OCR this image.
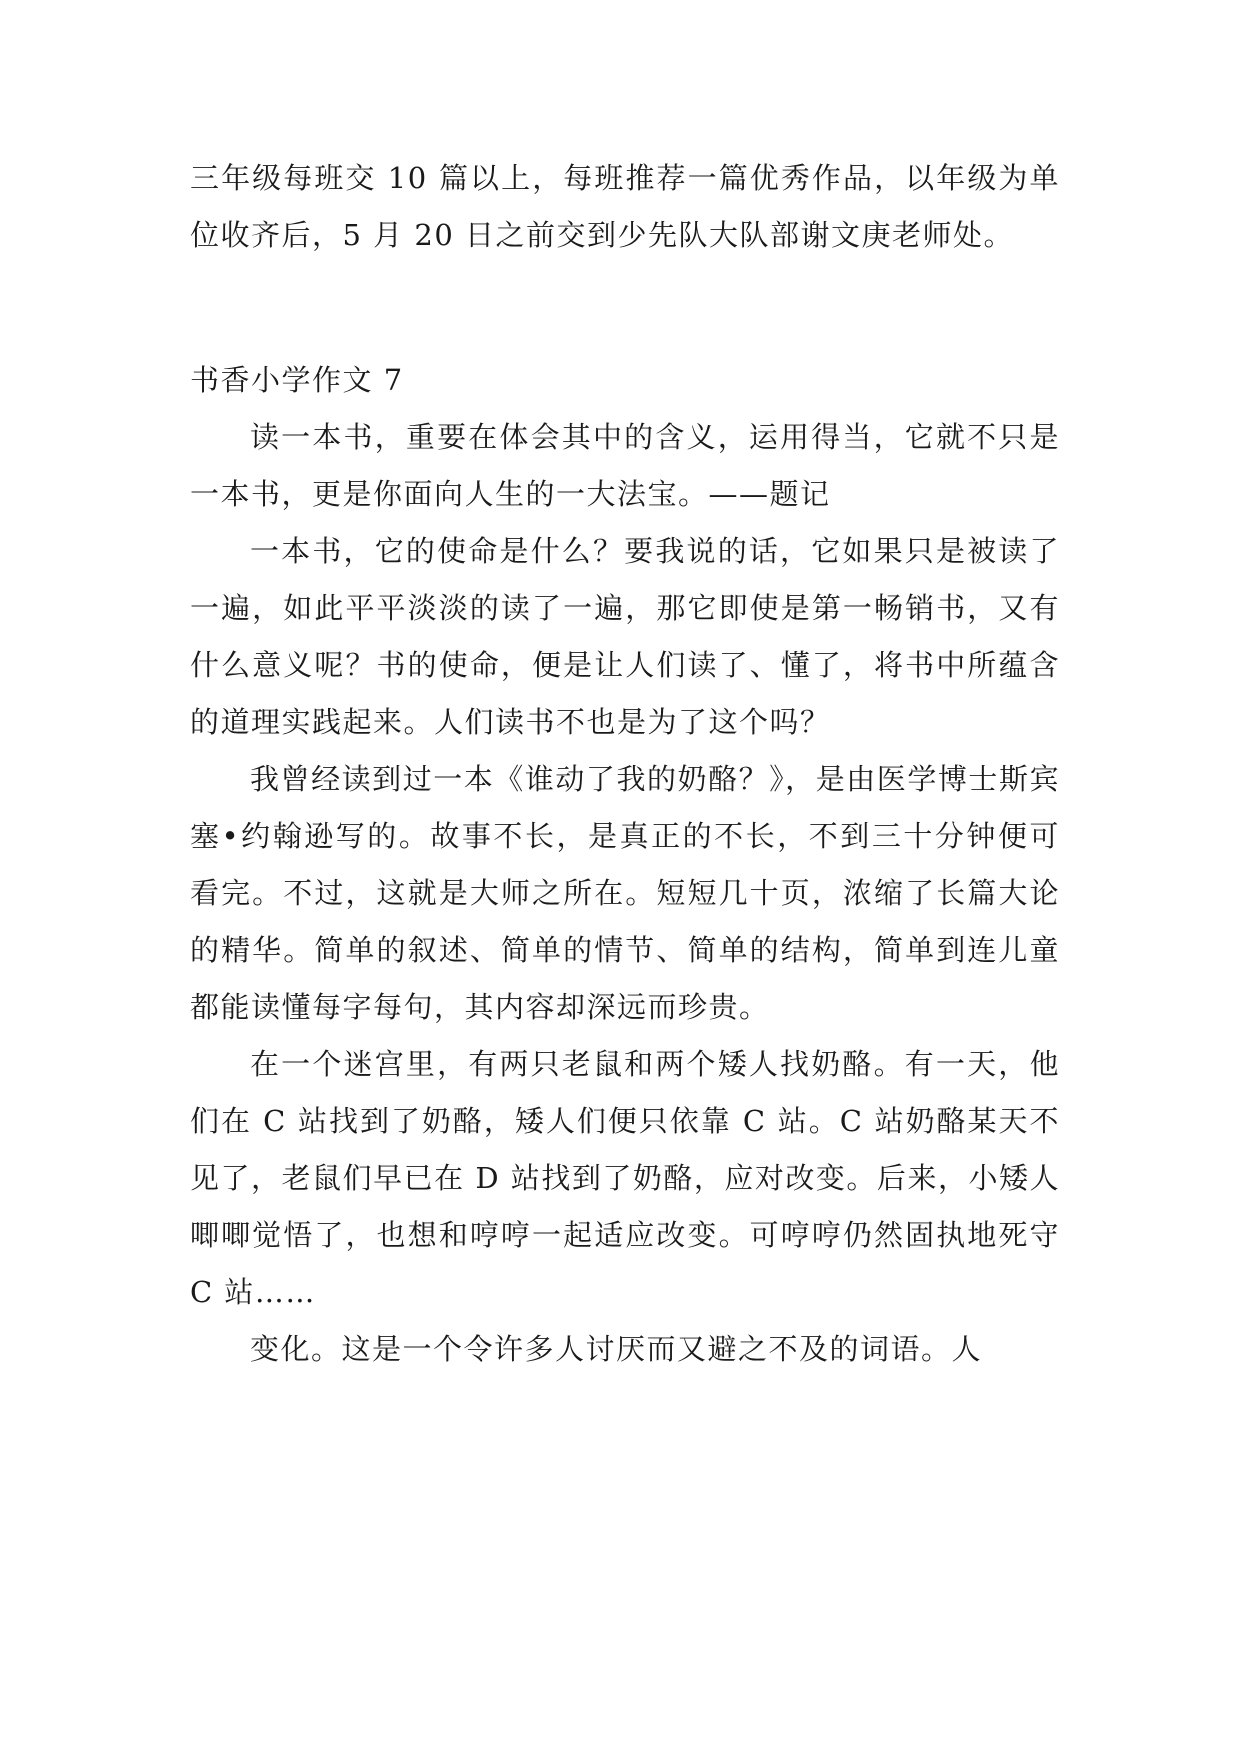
三年级每班交 10 篇以上，每班推荐一篇优秀作品，以年级为单位收齐后，5 月 20 日之前交到少先队大队部谢文庚老师处。

书香小学作文 7

读一本书，重要在体会其中的含义，运用得当，它就不只是一本书，更是你面向人生的一大法宝。——题记

一本书，它的使命是什么？要我说的话，它如果只是被读了一遍，如此平平淡淡的读了一遍，那它即使是第一畅销书，又有什么意义呢？书的使命，便是让人们读了、懂了，将书中所蕴含的道理实践起来。人们读书不也是为了这个吗？

我曾经读到过一本《谁动了我的奶酪？》，是由医学博士斯宾塞•约翰逊写的。故事不长，是真正的不长，不到三十分钟便可看完。不过，这就是大师之所在。短短几十页，浓缩了长篇大论的精华。简单的叙述、简单的情节、简单的结构，简单到连儿童都能读懂每字每句，其内容却深远而珍贵。

在一个迷宫里，有两只老鼠和两个矮人找奶酪。有一天，他们在 C 站找到了奶酪，矮人们便只依靠 C 站。C 站奶酪某天不见了，老鼠们早已在 D 站找到了奶酪，应对改变。后来，小矮人唧唧觉悟了，也想和哼哼一起适应改变。可哼哼仍然固执地死守 C 站……

变化。这是一个令许多人讨厌而又避之不及的词语。人
